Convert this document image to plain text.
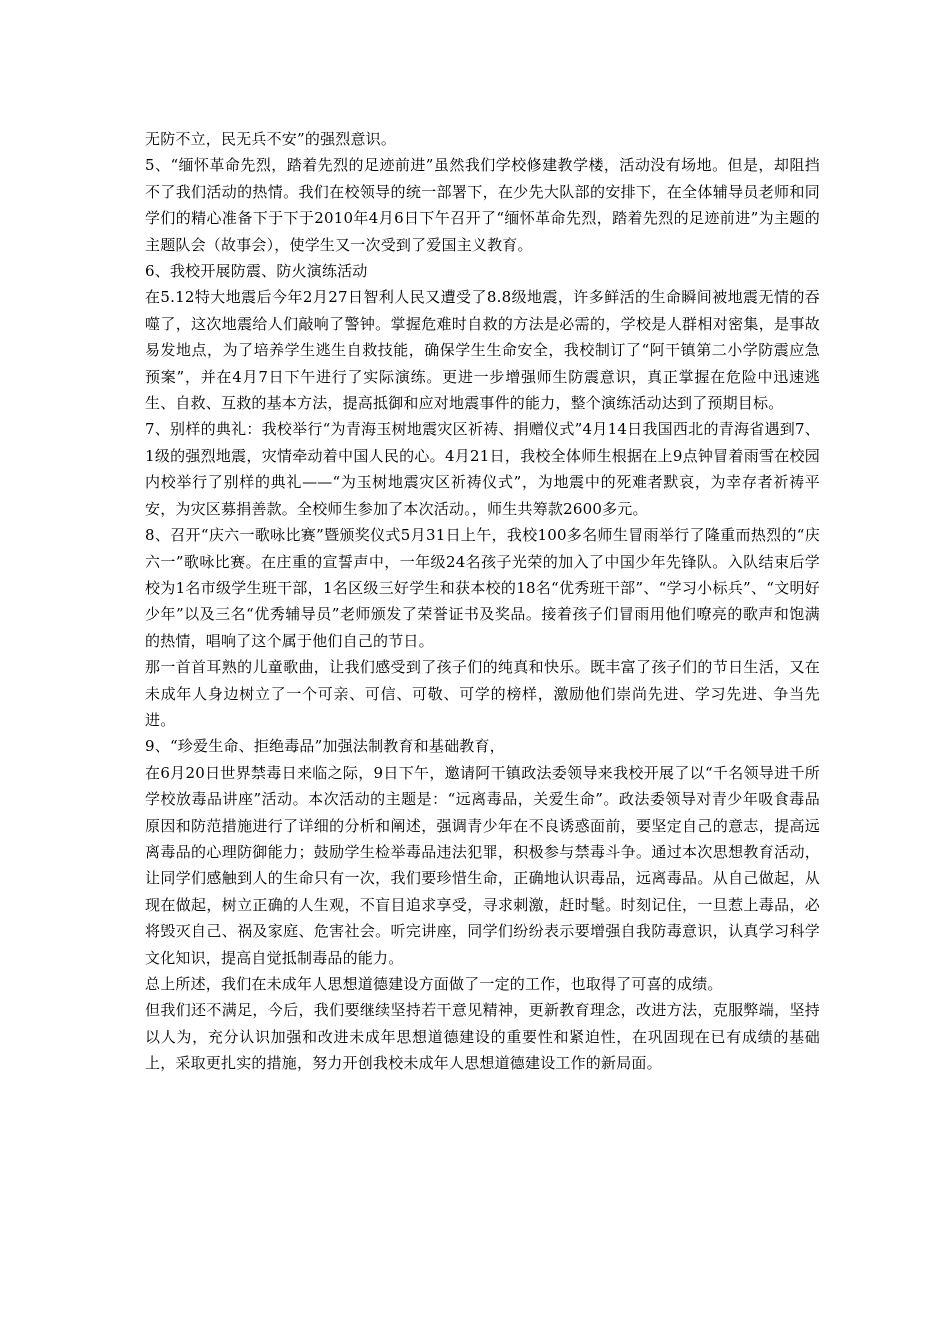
无防不立，民无兵不安”的强烈意识。

5、“缅怀革命先烈，踏着先烈的足迹前进”虽然我们学校修建教学楼，活动没有场地。但是，却阻挡不了我们活动的热情。我们在校领导的统一部署下，在少先大队部的安排下，在全体辅导员老师和同学们的精心准备下于下于2010年4月6日下午召开了“缅怀革命先烈，踏着先烈的足迹前进”为主题的主题队会（故事会），使学生又一次受到了爱国主义教育。

6、我校开展防震、防火演练活动

在5.12特大地震后今年2月27日智利人民又遭受了8.8级地震，许多鲜活的生命瞬间被地震无情的吞噬了，这次地震给人们敲响了警钟。掌握危难时自救的方法是必需的，学校是人群相对密集，是事故易发地点，为了培养学生逃生自救技能，确保学生生命安全，我校制订了“阿干镇第二小学防震应急预案”，并在4月7日下午进行了实际演练。更进一步增强师生防震意识，真正掌握在危险中迅速逃生、自救、互救的基本方法，提高抵御和应对地震事件的能力，整个演练活动达到了预期目标。

7、别样的典礼：我校举行“为青海玉树地震灾区祈祷、捐赠仪式”4月14日我国西北的青海省遇到7、1级的强烈地震，灾情牵动着中国人民的心。4月21日，我校全体师生根据在上9点钟冒着雨雪在校园内校举行了别样的典礼——“为玉树地震灾区祈祷仪式”，为地震中的死难者默哀，为幸存者祈祷平安，为灾区募捐善款。全校师生参加了本次活动。，师生共筹款2600多元。

8、召开“庆六一歌咏比赛”暨颁奖仪式5月31日上午，我校100多名师生冒雨举行了隆重而热烈的“庆六一”歌咏比赛。在庄重的宣誓声中，一年级24名孩子光荣的加入了中国少年先锋队。入队结束后学校为1名市级学生班干部，1名区级三好学生和获本校的18名“优秀班干部”、“学习小标兵”、“文明好少年”以及三名“优秀辅导员”老师颁发了荣誉证书及奖品。接着孩子们冒雨用他们嘹亮的歌声和饱满的热情，唱响了这个属于他们自己的节日。

那一首首耳熟的儿童歌曲，让我们感受到了孩子们的纯真和快乐。既丰富了孩子们的节日生活，又在未成年人身边树立了一个可亲、可信、可敬、可学的榜样，激励他们崇尚先进、学习先进、争当先进。

9、“珍爱生命、拒绝毒品”加强法制教育和基础教育，

在6月20日世界禁毒日来临之际，9日下午，邀请阿干镇政法委领导来我校开展了以“千名领导进千所学校放毒品讲座”活动。本次活动的主题是：“远离毒品，关爱生命”。政法委领导对青少年吸食毒品原因和防范措施进行了详细的分析和阐述，强调青少年在不良诱惑面前，要坚定自己的意志，提高远离毒品的心理防御能力；鼓励学生检举毒品违法犯罪，积极参与禁毒斗争。通过本次思想教育活动，让同学们感触到人的生命只有一次，我们要珍惜生命，正确地认识毒品，远离毒品。从自己做起，从现在做起，树立正确的人生观，不盲目追求享受，寻求刺激，赶时髦。时刻记住，一旦惹上毒品，必将毁灭自己、祸及家庭、危害社会。听完讲座，同学们纷纷表示要增强自我防毒意识，认真学习科学文化知识，提高自觉抵制毒品的能力。

总上所述，我们在未成年人思想道德建设方面做了一定的工作，也取得了可喜的成绩。

但我们还不满足，今后，我们要继续坚持若干意见精神，更新教育理念，改进方法，克服弊端，坚持以人为，充分认识加强和改进未成年思想道德建设的重要性和紧迫性，在巩固现在已有成绩的基础上，采取更扎实的措施，努力开创我校未成年人思想道德建设工作的新局面。
